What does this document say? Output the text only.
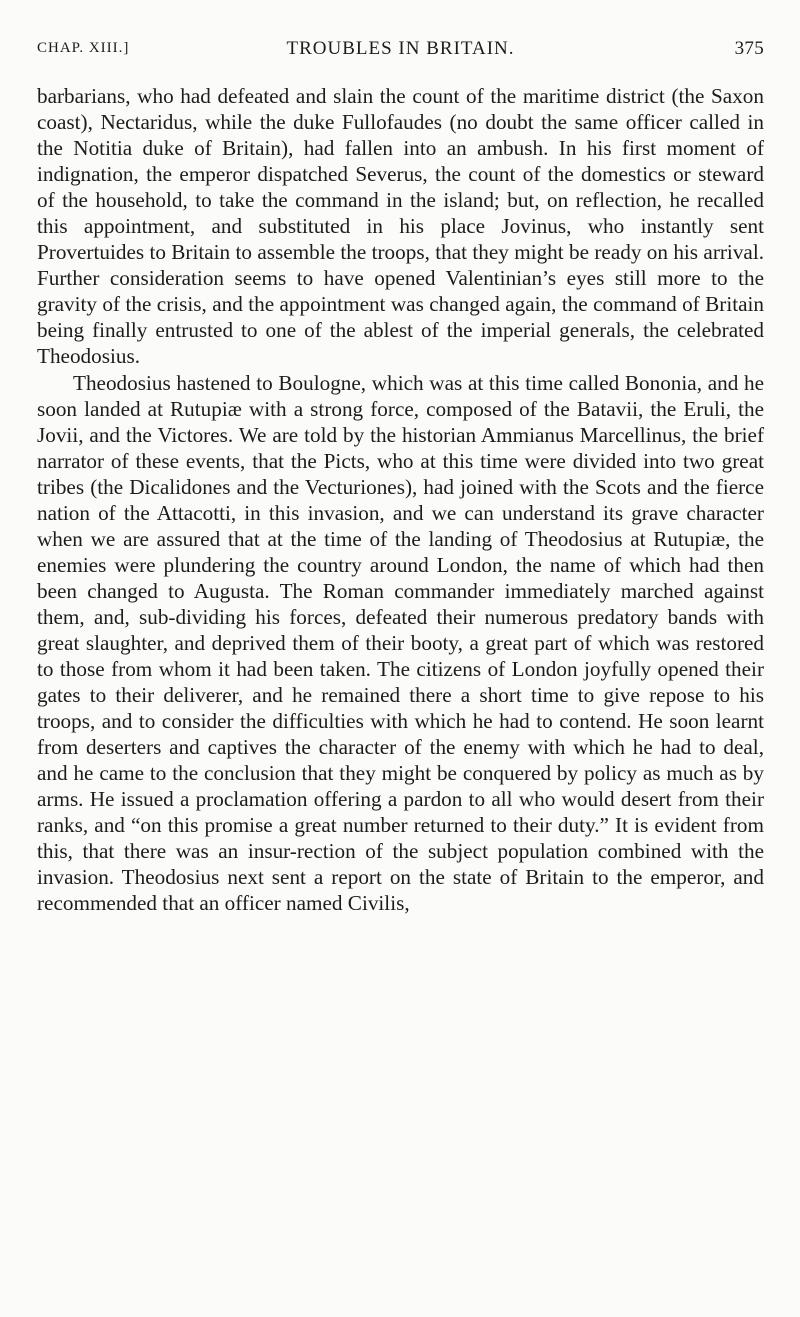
CHAP. XIII.]	TROUBLES IN BRITAIN.	375

barbarians, who had defeated and slain the count of the maritime district (the Saxon coast), Nectaridus, while the duke Fullofaudes (no doubt the same officer called in the Notitia duke of Britain), had fallen into an ambush. In his first moment of indignation, the emperor dispatched Severus, the count of the domestics or steward of the household, to take the command in the island; but, on reflection, he recalled this appointment, and substituted in his place Jovinus, who instantly sent Provertuides to Britain to assemble the troops, that they might be ready on his arrival. Further consideration seems to have opened Valentinian’s eyes still more to the gravity of the crisis, and the appointment was changed again, the command of Britain being finally entrusted to one of the ablest of the imperial generals, the celebrated Theodosius.

Theodosius hastened to Boulogne, which was at this time called Bononia, and he soon landed at Rutupiæ with a strong force, composed of the Batavii, the Eruli, the Jovii, and the Victores. We are told by the historian Ammianus Marcellinus, the brief narrator of these events, that the Picts, who at this time were divided into two great tribes (the Dicalidones and the Vecturiones), had joined with the Scots and the fierce nation of the Attacotti, in this invasion, and we can understand its grave character when we are assured that at the time of the landing of Theodosius at Rutupiæ, the enemies were plundering the country around London, the name of which had then been changed to Augusta. The Roman commander immediately marched against them, and, sub-dividing his forces, defeated their numerous predatory bands with great slaughter, and deprived them of their booty, a great part of which was restored to those from whom it had been taken. The citizens of London joyfully opened their gates to their deliverer, and he remained there a short time to give repose to his troops, and to consider the difficulties with which he had to contend. He soon learnt from deserters and captives the character of the enemy with which he had to deal, and he came to the conclusion that they might be conquered by policy as much as by arms. He issued a proclamation offering a pardon to all who would desert from their ranks, and “on this promise a great number returned to their duty.” It is evident from this, that there was an insur-rection of the subject population combined with the invasion. Theodosius next sent a report on the state of Britain to the emperor, and recommended that an officer named Civilis,
